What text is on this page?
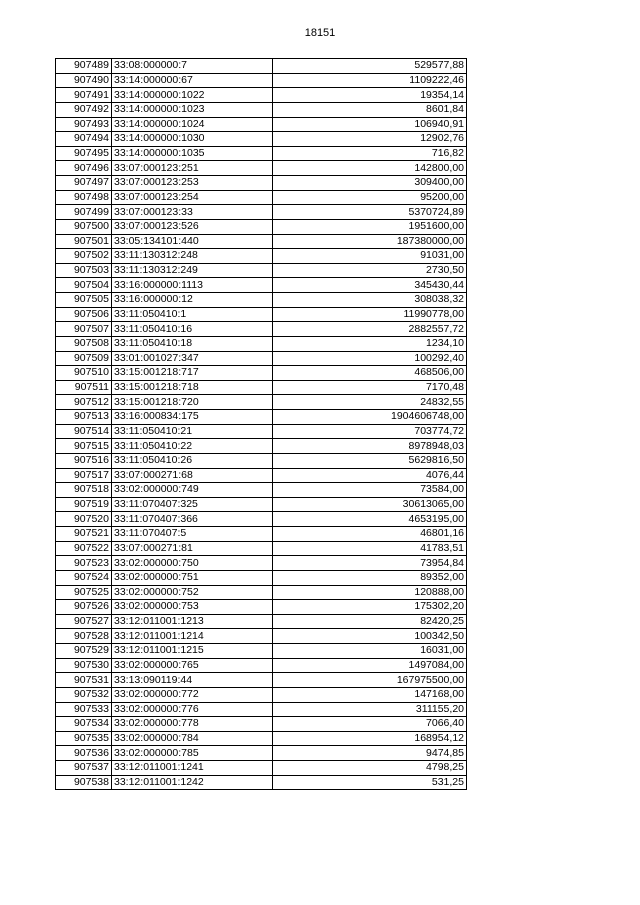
18151
907489	33:08:000000:7	529577,88
907490	33:14:000000:67	1109222,46
907491	33:14:000000:1022	19354,14
907492	33:14:000000:1023	8601,84
907493	33:14:000000:1024	106940,91
907494	33:14:000000:1030	12902,76
907495	33:14:000000:1035	716,82
907496	33:07:000123:251	142800,00
907497	33:07:000123:253	309400,00
907498	33:07:000123:254	95200,00
907499	33:07:000123:33	5370724,89
907500	33:07:000123:526	1951600,00
907501	33:05:134101:440	187380000,00
907502	33:11:130312:248	91031,00
907503	33:11:130312:249	2730,50
907504	33:16:000000:1113	345430,44
907505	33:16:000000:12	308038,32
907506	33:11:050410:1	11990778,00
907507	33:11:050410:16	2882557,72
907508	33:11:050410:18	1234,10
907509	33:01:001027:347	100292,40
907510	33:15:001218:717	468506,00
907511	33:15:001218:718	7170,48
907512	33:15:001218:720	24832,55
907513	33:16:000834:175	1904606748,00
907514	33:11:050410:21	703774,72
907515	33:11:050410:22	8978948,03
907516	33:11:050410:26	5629816,50
907517	33:07:000271:68	4076,44
907518	33:02:000000:749	73584,00
907519	33:11:070407:325	30613065,00
907520	33:11:070407:366	4653195,00
907521	33:11:070407:5	46801,16
907522	33:07:000271:81	41783,51
907523	33:02:000000:750	73954,84
907524	33:02:000000:751	89352,00
907525	33:02:000000:752	120888,00
907526	33:02:000000:753	175302,20
907527	33:12:011001:1213	82420,25
907528	33:12:011001:1214	100342,50
907529	33:12:011001:1215	16031,00
907530	33:02:000000:765	1497084,00
907531	33:13:090119:44	167975500,00
907532	33:02:000000:772	147168,00
907533	33:02:000000:776	311155,20
907534	33:02:000000:778	7066,40
907535	33:02:000000:784	168954,12
907536	33:02:000000:785	9474,85
907537	33:12:011001:1241	4798,25
907538	33:12:011001:1242	531,25
